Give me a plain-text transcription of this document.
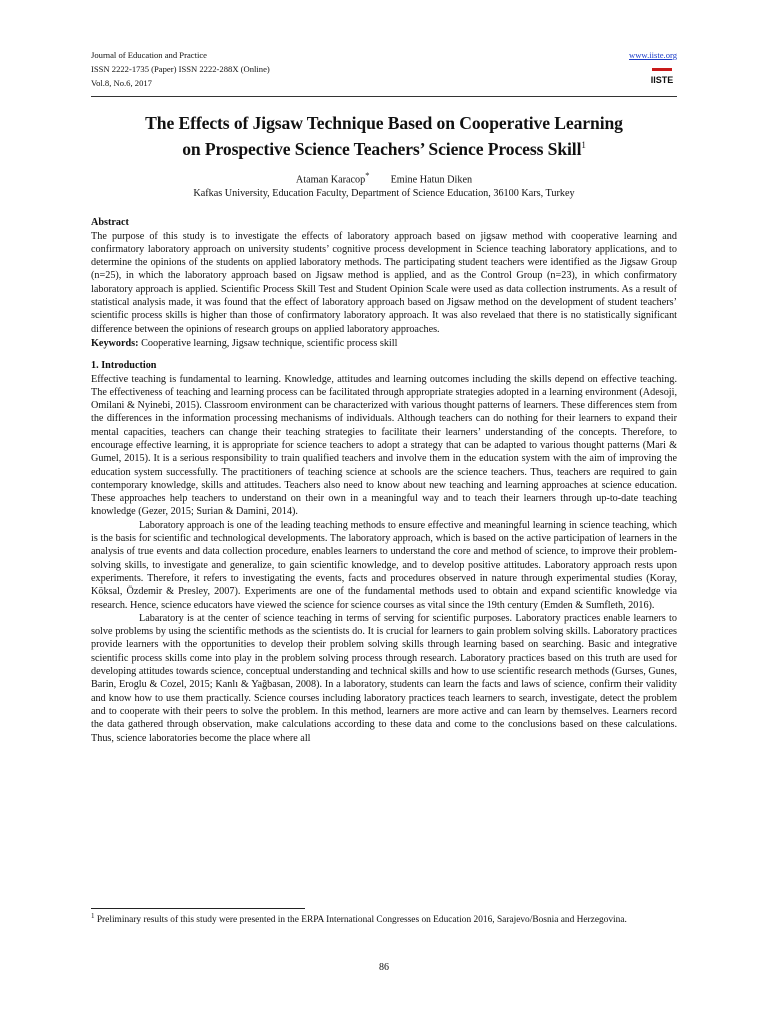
Journal of Education and Practice
ISSN 2222-1735 (Paper) ISSN 2222-288X (Online)
Vol.8, No.6, 2017
www.iiste.org
IISTE
The Effects of Jigsaw Technique Based on Cooperative Learning
on Prospective Science Teachers’ Science Process Skill$^1$
Ataman Karacop* Emine Hatun Diken
Kafkas University, Education Faculty, Department of Science Education, 36100 Kars, Turkey
Abstract

The purpose of this study is to investigate the effects of laboratory approach based on jigsaw method with cooperative learning and confirmatory laboratory approach on university students’ cognitive process development in Science teaching laboratory applications, and to determine the opinions of the students on applied laboratory methods. The participating student teachers were identified as the Jigsaw Group (n=25), in which the laboratory approach based on Jigsaw method is applied, and as the Control Group (n=23), in which confirmatory laboratory approach is applied. Scientific Process Skill Test and Student Opinion Scale were used as data collection instruments. As a result of statistical analysis made, it was found that the effect of laboratory approach based on Jigsaw method on the development of student teachers’ scientific process skills is higher than those of confirmatory laboratory approach. It was also revelaed that there is no statistically significant difference between the opinions of research groups on applied laboratory approaches.

Keywords: Cooperative learning, Jigsaw technique, scientific process skill
1. Introduction

Effective teaching is fundamental to learning. Knowledge, attitudes and learning outcomes including the skills depend on effective teaching. The effectiveness of teaching and learning process can be facilitated through appropriate strategies adopted in a learning environment (Adesoji, Omilani & Nyinebi, 2015). Classroom environment can be characterized with various thought patterns of learners. These differences stem from the differences in the information processing mechanisms of individuals. Although teachers can do nothing for their learners to expand their mental capacities, teachers can change their teaching strategies to facilitate their learners’ understanding of the concepts. Therefore, to encourage effective learning, it is appropriate for science teachers to adopt a strategy that can be adapted to various thought patterns (Mari & Gumel, 2015). It is a serious responsibility to train qualified teachers and involve them in the education system with the aim of improving the education system successfully. The practitioners of teaching science at schools are the science teachers. Thus, teachers are required to gain contemporary knowledge, skills and attitudes. Teachers also need to know about new teaching and learning approaches at science education. These approaches help teachers to understand on their own in a meaningful way and to teach their learners through up-to-date teaching knowledge (Gezer, 2015; Surian & Damini, 2014).

Laboratory approach is one of the leading teaching methods to ensure effective and meaningful learning in science teaching, which is the basis for scientific and technological developments. The laboratory approach, which is based on the active participation of learners in the analysis of true events and data collection procedure, enables learners to understand the core and method of science, to improve their problem-solving skills, to investigate and generalize, to gain scientific knowledge, and to develop positive attitudes. Laboratory approach rests upon experiments. Therefore, it refers to investigating the events, facts and procedures observed in nature through experimental studies (Koray, Köksal, Özdemir & Presley, 2007). Experiments are one of the fundamental methods used to obtain and expand scientific knowledge via research. Hence, science educators have viewed the science for science courses as vital since the 19th century (Emden & Sumfleth, 2016).

Labaratory is at the center of science teaching in terms of serving for scientific purposes. Laboratory practices enable learners to solve problems by using the scientific methods as the scientists do. It is crucial for learners to gain problem solving skills. Laboratory practices provide learners with the opportunities to develop their problem solving skills through learning based on searching. Basic and integrative scientific process skills come into play in the problem solving process through research. Laboratory practices based on this truth are used for developing attitudes towards science, conceptual understanding and technical skills and how to use scientific research methods (Gurses, Gunes, Barin, Eroglu & Cozel, 2015; Kanlı & Yağbasan, 2008). In a laboratory, students can learn the facts and laws of science, confirm their validity and know how to use them practically. Science courses including laboratory practices teach learners to search, investigate, detect the problem and to cooperate with their peers to solve the problem. In this method, learners are more active and can learn by themselves. Learners record the data gathered through observation, make calculations according to these data and come to the conclusions based on these calculations. Thus, science laboratories become the place where all

$^1$ Preliminary results of this study were presented in the ERPA International Congresses on Education 2016, Sarajevo/Bosnia and Herzegovina.
86
